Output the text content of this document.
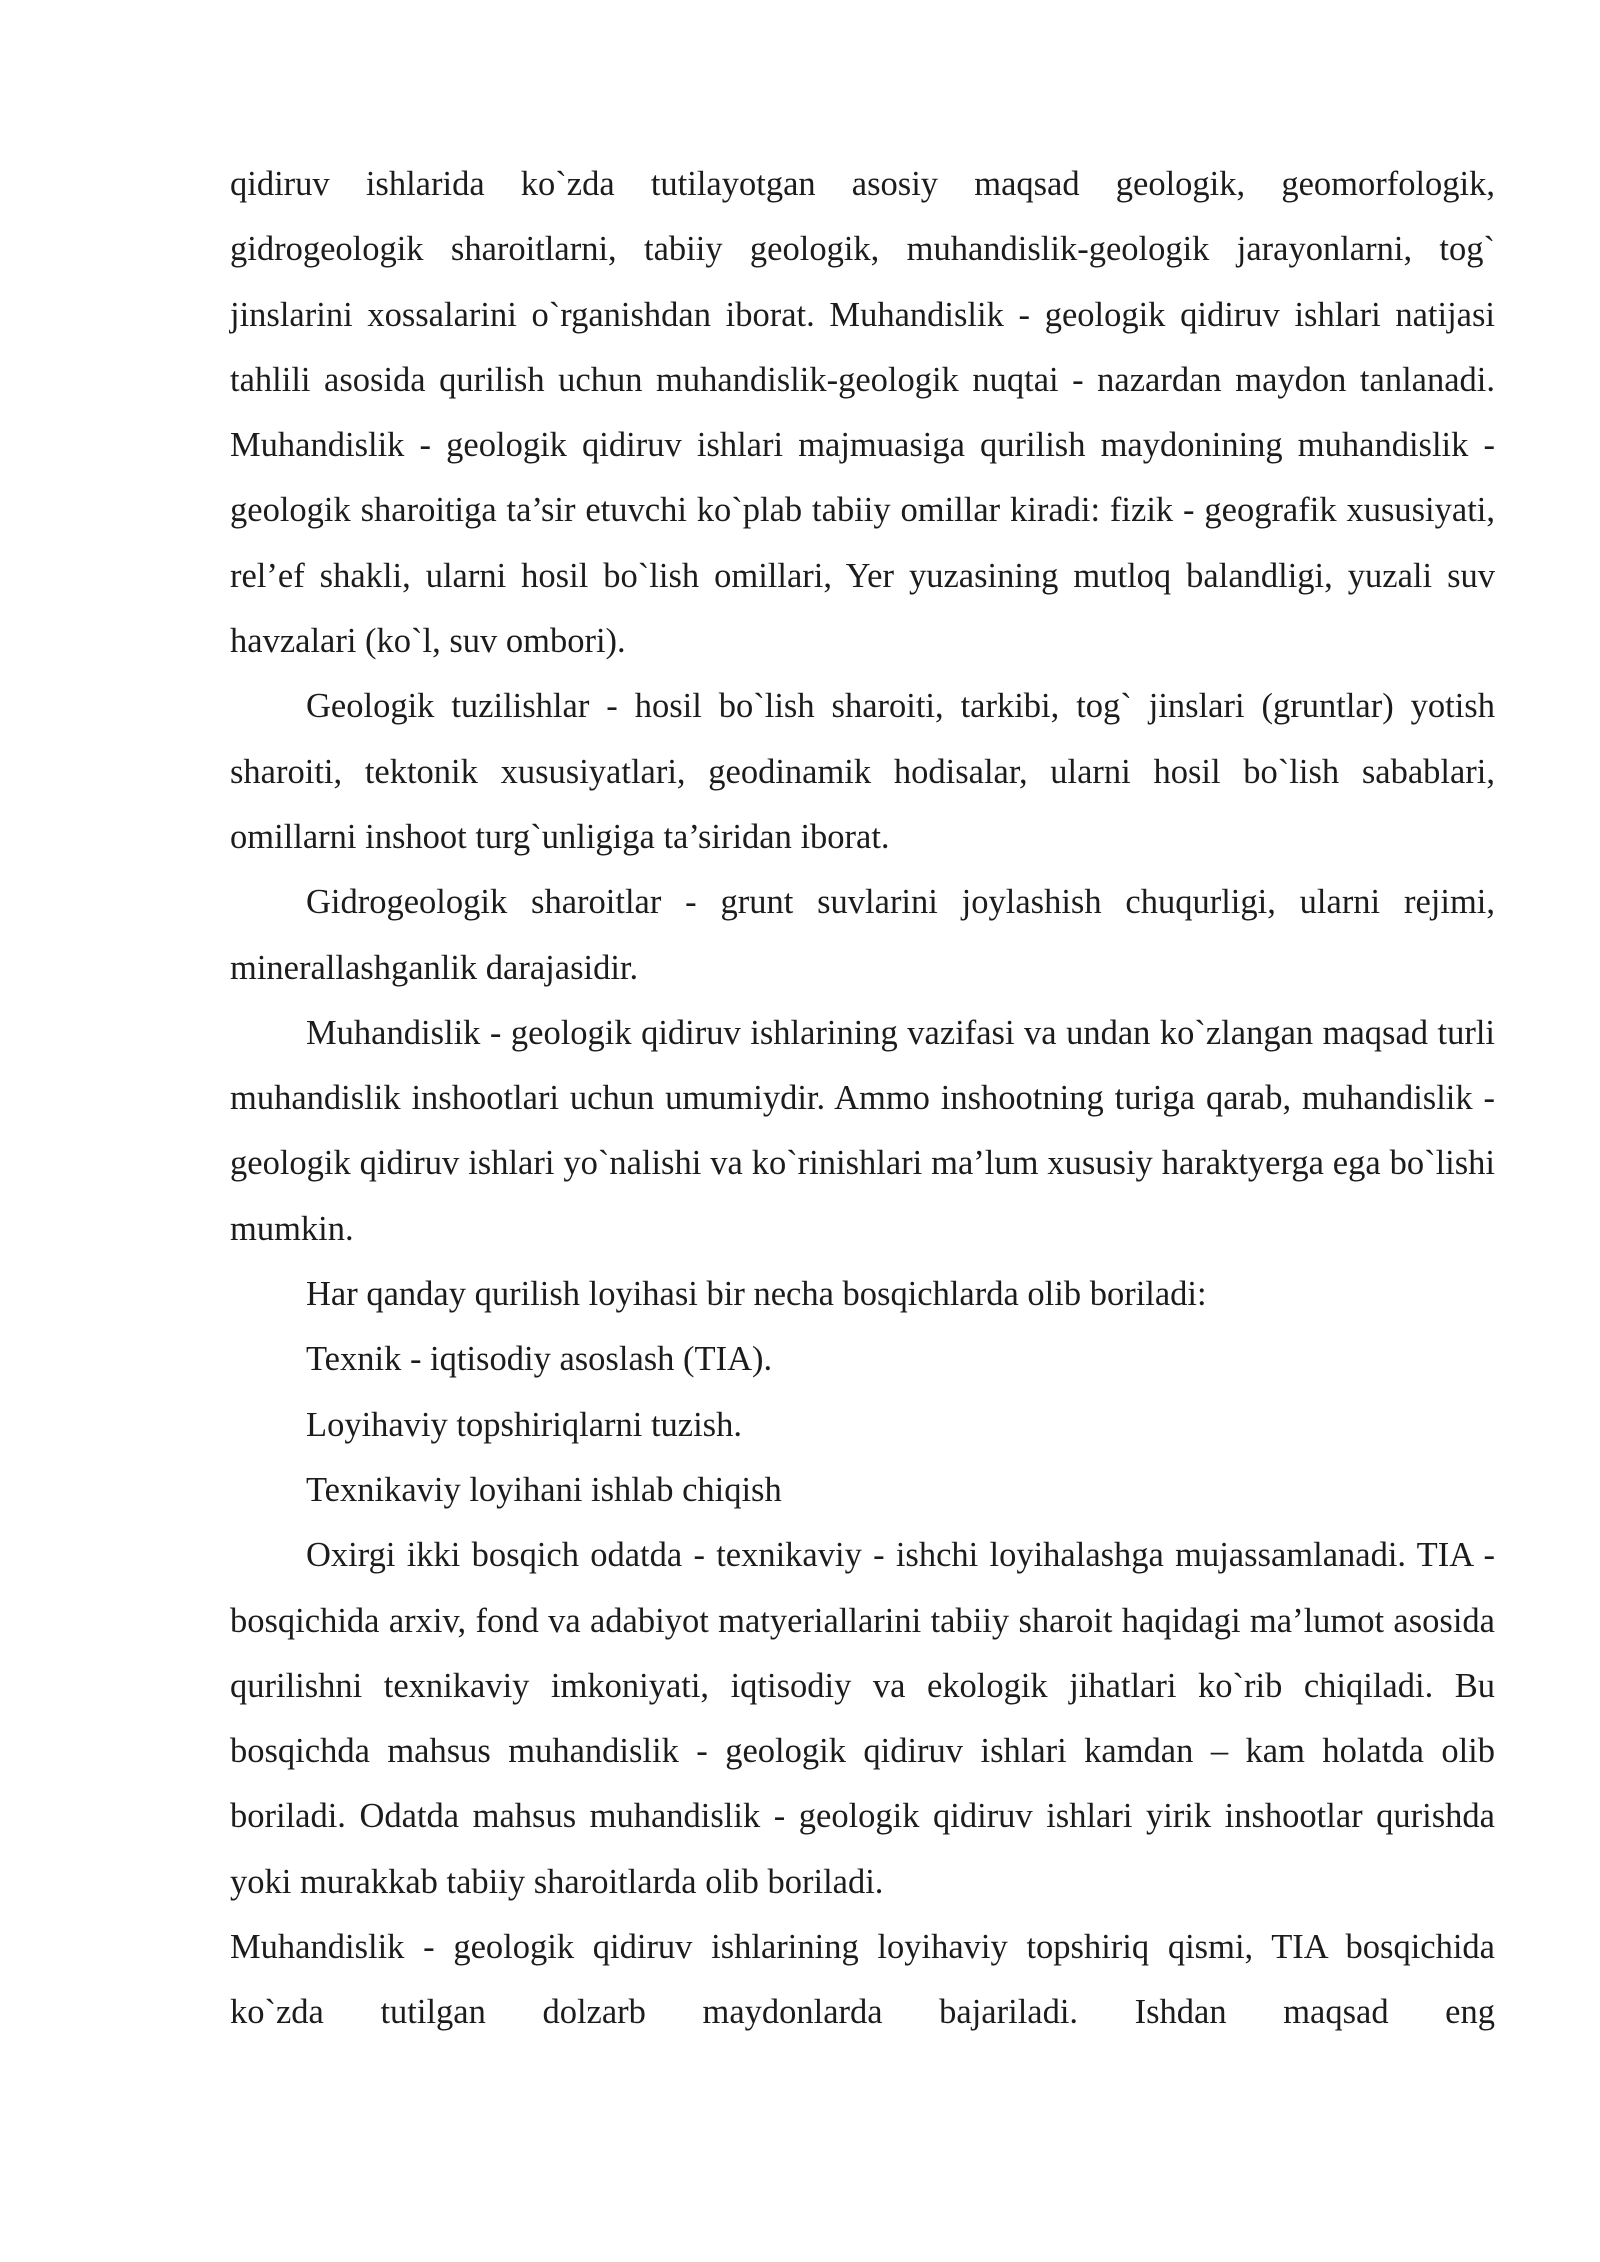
qidiruv ishlarida ko`zda tutilayotgan asosiy maqsad geologik, geomorfologik, gidrogeologik sharoitlarni, tabiiy geologik, muhandislik-geologik jarayonlarni, tog` jinslarini xossalarini o`rganishdan iborat. Muhandislik - geologik qidiruv ishlari natijasi tahlili asosida qurilish uchun muhandislik-geologik nuqtai - nazardan maydon tanlanadi. Muhandislik - geologik qidiruv ishlari majmuasiga qurilish maydonining muhandislik - geologik sharoitiga ta’sir etuvchi ko`plab tabiiy omillar kiradi: fizik - geografik xususiyati, rel’ef shakli, ularni hosil bo`lish omillari, Yer yuzasining mutloq balandligi, yuzali suv havzalari (ko`l, suv ombori).

Geologik tuzilishlar - hosil bo`lish sharoiti, tarkibi, tog` jinslari (gruntlar) yotish sharoiti, tektonik xususiyatlari, geodinamik hodisalar, ularni hosil bo`lish sabablari, omillarni inshoot turg`unligiga ta’siridan iborat.

Gidrogeologik sharoitlar - grunt suvlarini joylashish chuqurligi, ularni rejimi, minerallashganlik darajasidir.

Muhandislik - geologik qidiruv ishlarining vazifasi va undan ko`zlangan maqsad turli muhandislik inshootlari uchun umumiydir. Ammo inshootning turiga qarab, muhandislik - geologik qidiruv ishlari yo`nalishi va ko`rinishlari ma’lum xususiy haraktyerga ega bo`lishi mumkin.

Har qanday qurilish loyihasi bir necha bosqichlarda olib boriladi:

Texnik - iqtisodiy asoslash (TIA).

Loyihaviy topshiriqlarni tuzish.

Texnikaviy loyihani ishlab chiqish

Oxirgi ikki bosqich odatda - texnikaviy - ishchi loyihalashga mujassamlanadi. TIA - bosqichida arxiv, fond va adabiyot matyeriallarini tabiiy sharoit haqidagi ma’lumot asosida qurilishni texnikaviy imkoniyati, iqtisodiy va ekologik jihatlari ko`rib chiqiladi. Bu bosqichda mahsus muhandislik - geologik qidiruv ishlari kamdan – kam holatda olib boriladi. Odatda mahsus muhandislik - geologik qidiruv ishlari yirik inshootlar qurishda yoki murakkab tabiiy sharoitlarda olib boriladi.

Muhandislik - geologik qidiruv ishlarining loyihaviy topshiriq qismi, TIA bosqichida ko`zda tutilgan dolzarb maydonlarda bajariladi. Ishdan maqsad eng
